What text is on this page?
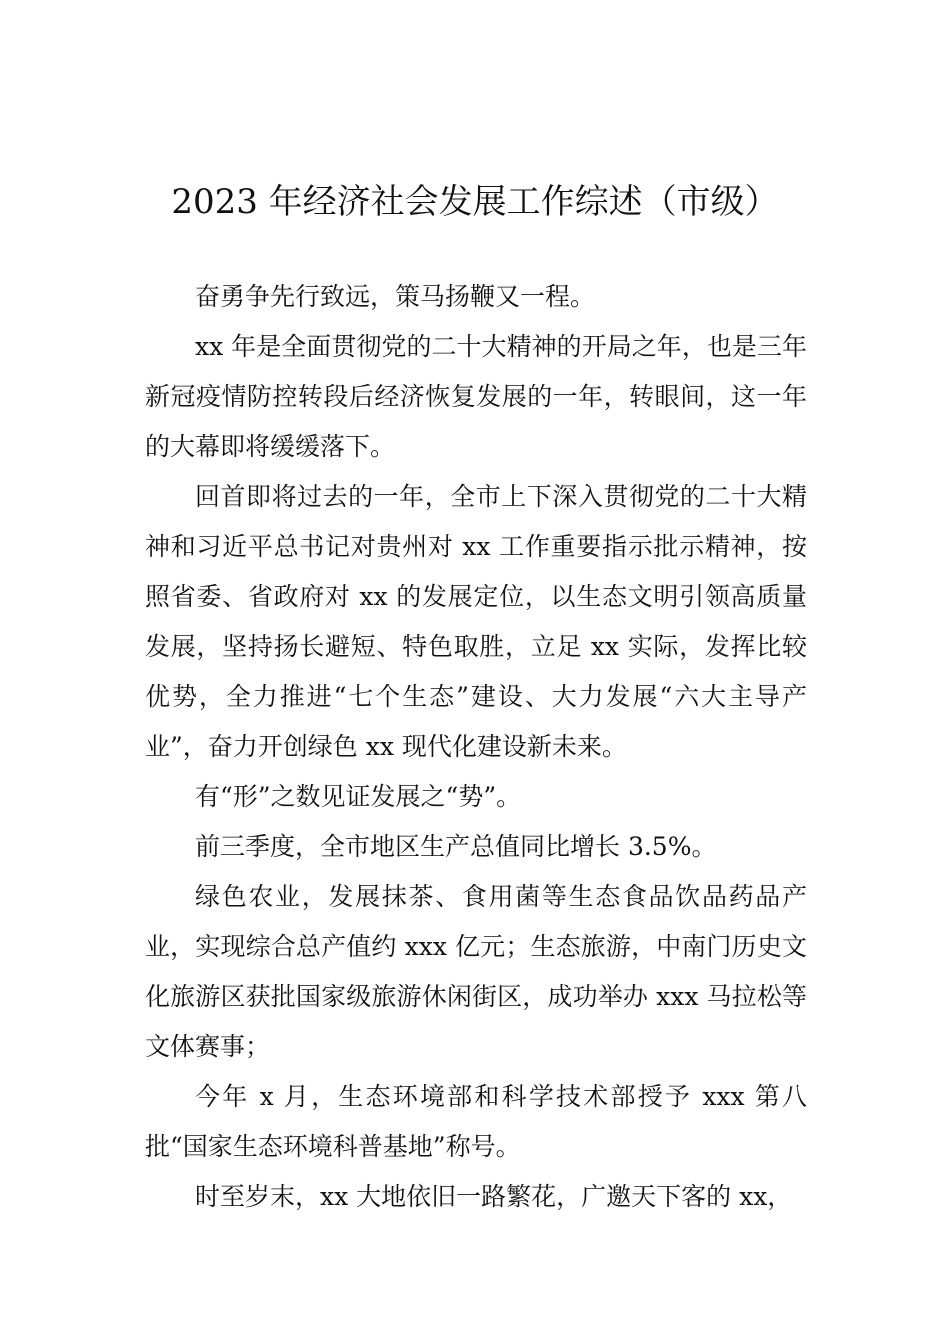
2023 年经济社会发展工作综述（市级）

奋勇争先行致远，策马扬鞭又一程。

xx 年是全面贯彻党的二十大精神的开局之年，也是三年新冠疫情防控转段后经济恢复发展的一年，转眼间，这一年的大幕即将缓缓落下。

回首即将过去的一年，全市上下深入贯彻党的二十大精神和习近平总书记对贵州对 xx 工作重要指示批示精神，按照省委、省政府对 xx 的发展定位，以生态文明引领高质量发展，坚持扬长避短、特色取胜，立足 xx 实际，发挥比较优势，全力推进“七个生态”建设、大力发展“六大主导产业”，奋力开创绿色 xx 现代化建设新未来。

有“形”之数见证发展之“势”。

前三季度，全市地区生产总值同比增长 3.5%。

绿色农业，发展抹茶、食用菌等生态食品饮品药品产业，实现综合总产值约 xxx 亿元；生态旅游，中南门历史文化旅游区获批国家级旅游休闲街区，成功举办 xxx 马拉松等文体赛事；

今年 x 月，生态环境部和科学技术部授予 xxx 第八批“国家生态环境科普基地”称号。

时至岁末，xx 大地依旧一路繁花，广邀天下客的 xx，
